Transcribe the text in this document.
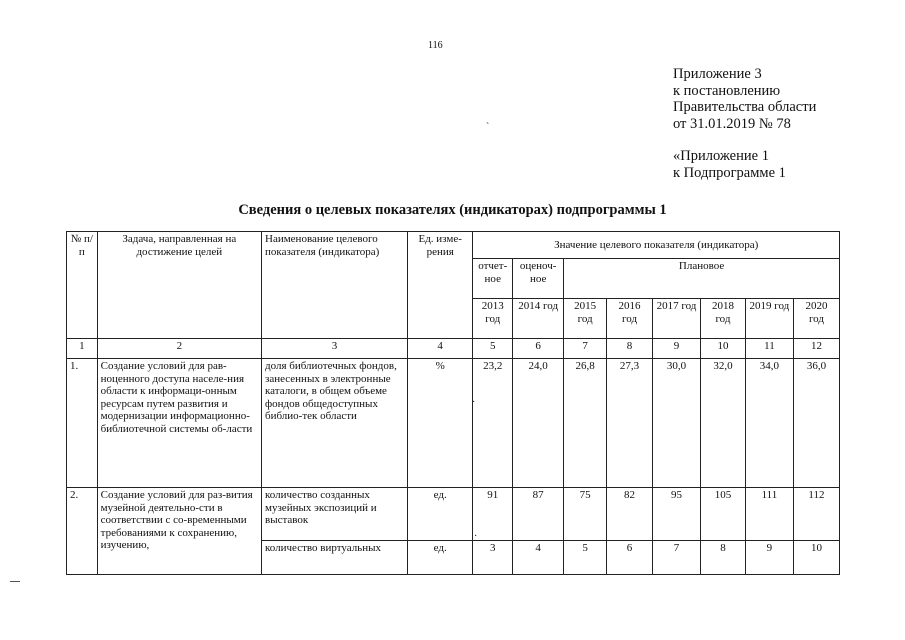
116
Приложение 3
к постановлению
Правительства области
от 31.01.2019 № 78
«Приложение 1
к Подпрограмме 1
ˋ
Сведения о целевых показателях (индикаторах) подпрограммы 1
№ п/п	Задача, направленная на достижение целей	Наименование целевого показателя (индикатора)	Ед. изме-рения	Значение целевого показателя (индикатора)							
				отчет-ное	оценоч-ное	Плановое					
				2013 год	2014 год	2015 год	2016 год	2017 год	2018 год	2019 год	2020 год
1	2	3	4	5	6	7	8	9	10	11	12
1.	Создание условий для рав-ноценного доступа населе-ния области к информаци-онным ресурсам путем развития и модернизации информационно-библиотечной системы об-ласти	доля библиотечных фондов, занесенных в электронные каталоги, в общем объеме фондов общедоступных библио-тек области	%	23,2	24,0	26,8	27,3	30,0	32,0	34,0	36,0
2.	Создание условий для раз-вития музейной деятельно-сти в соответствии с со-временными требованиями к сохранению, изучению,	количество созданных музейных экспозиций и выставок	ед.	91	87	75	82	95	105	111	112
		количество виртуальных	ед.	3	4	5	6	7	8	9	10
·
·
